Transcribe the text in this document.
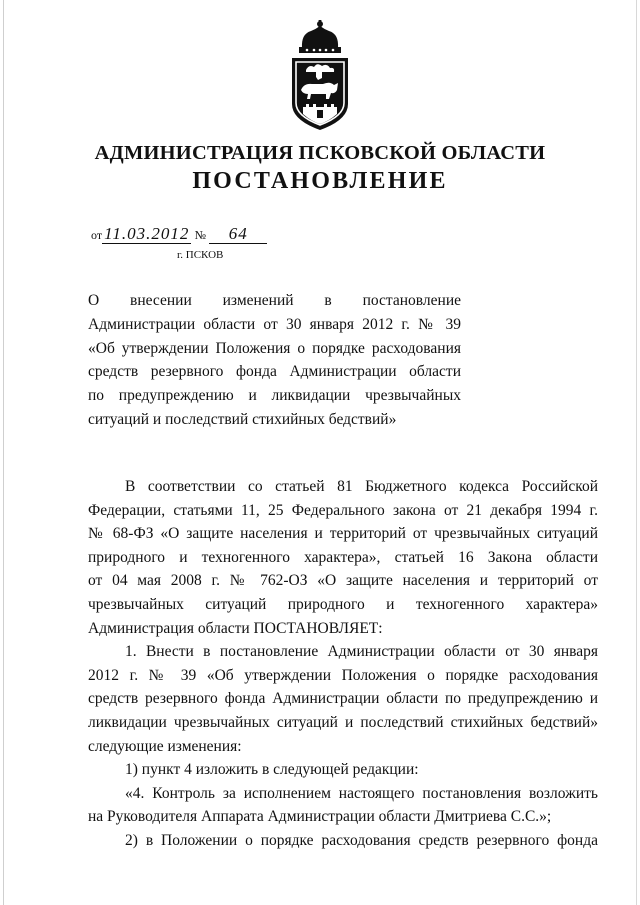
АДМИНИСТРАЦИЯ ПСКОВСКОЙ ОБЛАСТИ
ПОСТАНОВЛЕНИЕ
от 11.03.2012 № 64
г. ПСКОВ
О внесении изменений в постановление
Администрации области от 30 января 2012 г. № 39
«Об утверждении Положения о порядке расходования
средств резервного фонда Администрации области
по предупреждению и ликвидации чрезвычайных
ситуаций и последствий стихийных бедствий»
В соответствии со статьей 81 Бюджетного кодекса Российской
Федерации, статьями 11, 25 Федерального закона от 21 декабря 1994 г.
№ 68-ФЗ «О защите населения и территорий от чрезвычайных ситуаций
природного и техногенного характера», статьей 16 Закона области
от 04 мая 2008 г. № 762-ОЗ «О защите населения и территорий от
чрезвычайных ситуаций природного и техногенного характера»
Администрация области ПОСТАНОВЛЯЕТ:
1. Внести в постановление Администрации области от 30 января
2012 г. № 39 «Об утверждении Положения о порядке расходования
средств резервного фонда Администрации области по предупреждению и
ликвидации чрезвычайных ситуаций и последствий стихийных бедствий»
следующие изменения:
1) пункт 4 изложить в следующей редакции:
«4. Контроль за исполнением настоящего постановления возложить
на Руководителя Аппарата Администрации области Дмитриева С.С.»;
2) в Положении о порядке расходования средств резервного фонда
